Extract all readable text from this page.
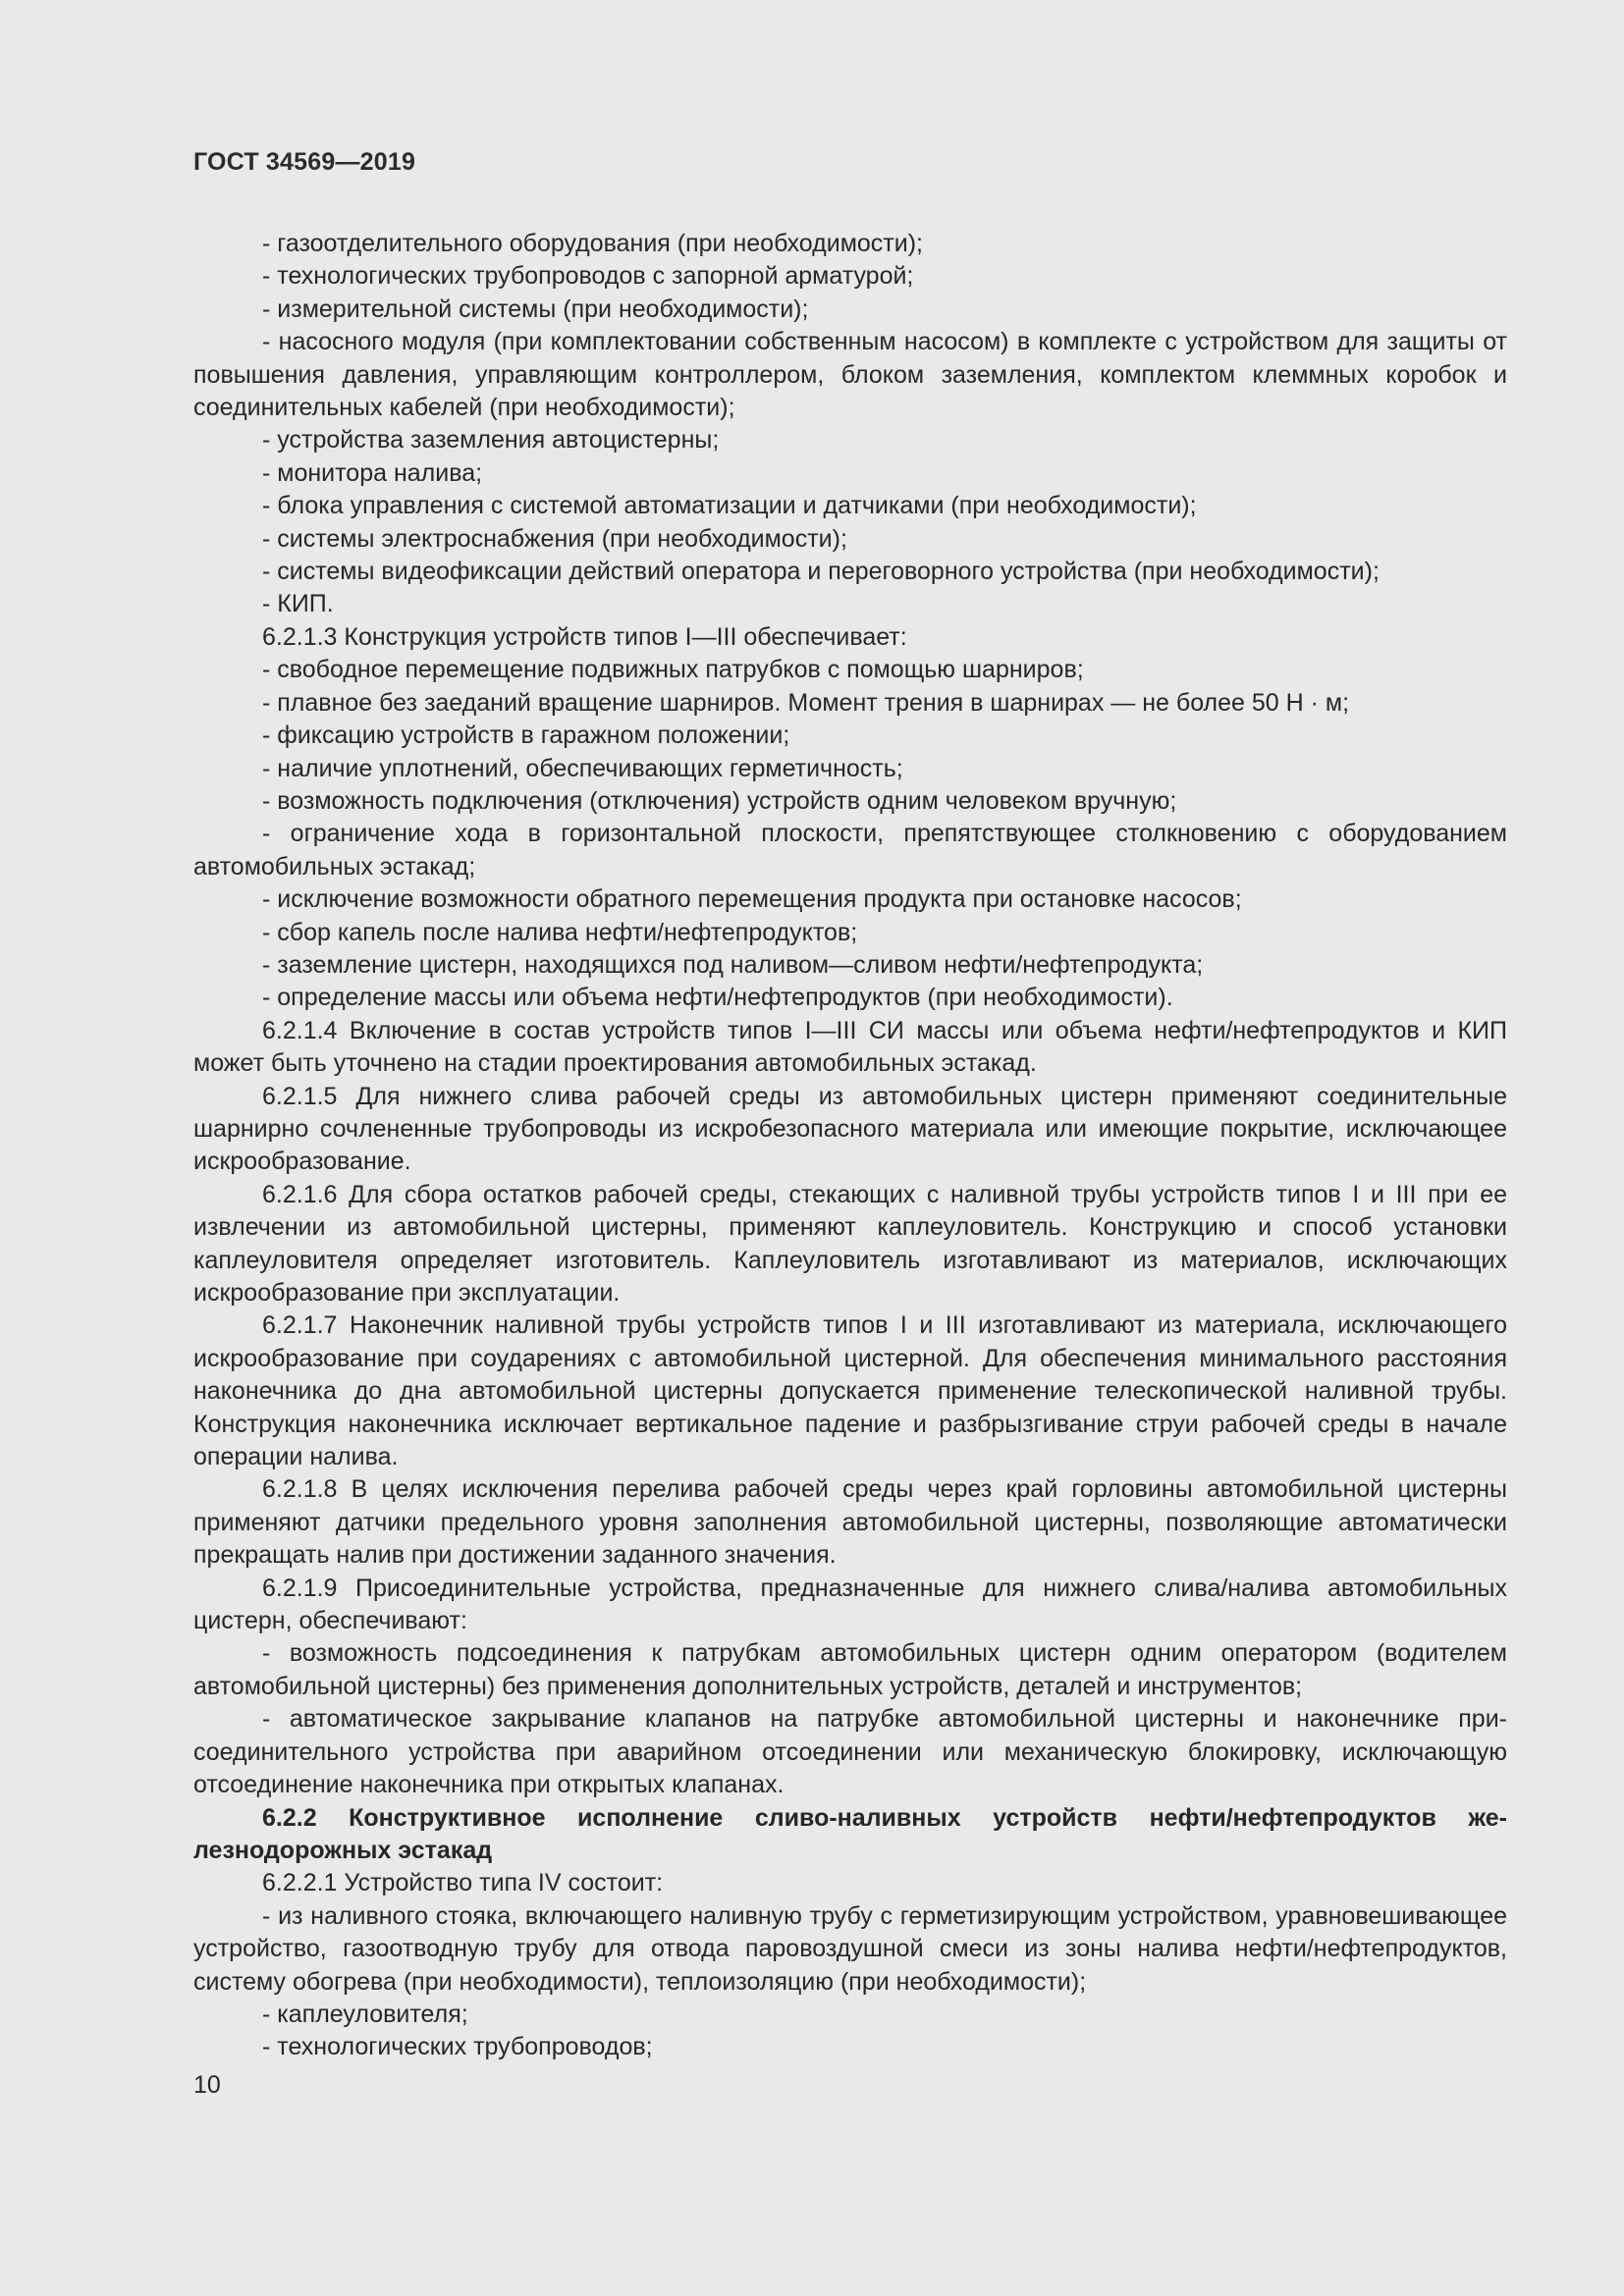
ГОСТ 34569—2019

- газоотделительного оборудования (при необходимости);

- технологических трубопроводов с запорной арматурой;

- измерительной системы (при необходимости);

- насосного модуля (при комплектовании собственным насосом) в комплекте с устройством для защиты от повышения давления, управляющим контроллером, блоком заземления, комплектом клеммных коробок и соединительных кабелей (при необходимости);

- устройства заземления автоцистерны;

- монитора налива;

- блока управления с системой автоматизации и датчиками (при необходимости);

- системы электроснабжения (при необходимости);

- системы видеофиксации действий оператора и переговорного устройства (при необходимости);

- КИП.

6.2.1.3 Конструкция устройств типов I—III обеспечивает:

- свободное перемещение подвижных патрубков с помощью шарниров;

- плавное без заеданий вращение шарниров. Момент трения в шарнирах — не более 50 Н · м;

- фиксацию устройств в гаражном положении;

- наличие уплотнений, обеспечивающих герметичность;

- возможность подключения (отключения) устройств одним человеком вручную;

- ограничение хода в горизонтальной плоскости, препятствующее столкновению с оборудованием автомобильных эстакад;

- исключение возможности обратного перемещения продукта при остановке насосов;

- сбор капель после налива нефти/нефтепродуктов;

- заземление цистерн, находящихся под наливом—сливом нефти/нефтепродукта;

- определение массы или объема нефти/нефтепродуктов (при необходимости).

6.2.1.4 Включение в состав устройств типов I—III СИ массы или объема нефти/нефтепродуктов и КИП может быть уточнено на стадии проектирования автомобильных эстакад.

6.2.1.5 Для нижнего слива рабочей среды из автомобильных цистерн применяют соединительные шарнирно сочлененные трубопроводы из искробезопасного материала или имеющие покрытие, исключающее искрообразование.

6.2.1.6 Для сбора остатков рабочей среды, стекающих с наливной трубы устройств типов I и III при ее извлечении из автомобильной цистерны, применяют каплеуловитель. Конструкцию и способ установки каплеуловителя определяет изготовитель. Каплеуловитель изготавливают из материалов, исключающих искрообразование при эксплуатации.

6.2.1.7 Наконечник наливной трубы устройств типов I и III изготавливают из материала, исключающего искрообразование при соударениях с автомобильной цистерной. Для обеспечения минимального расстояния наконечника до дна автомобильной цистерны допускается применение телескопической наливной трубы. Конструкция наконечника исключает вертикальное падение и разбрызгивание струи рабочей среды в начале операции налива.

6.2.1.8 В целях исключения перелива рабочей среды через край горловины автомобильной цистерны применяют датчики предельного уровня заполнения автомобильной цистерны, позволяющие автоматически прекращать налив при достижении заданного значения.

6.2.1.9 Присоединительные устройства, предназначенные для нижнего слива/налива автомобильных цистерн, обеспечивают:

- возможность подсоединения к патрубкам автомобильных цистерн одним оператором (водителем автомобильной цистерны) без применения дополнительных устройств, деталей и инструментов;

- автоматическое закрывание клапанов на патрубке автомобильной цистерны и наконечнике присоединительного устройства при аварийном отсоединении или механическую блокировку, исключающую отсоединение наконечника при открытых клапанах.

6.2.2 Конструктивное исполнение сливо-наливных устройств нефти/нефтепродуктов железнодорожных эстакад

6.2.2.1 Устройство типа IV состоит:

- из наливного стояка, включающего наливную трубу с герметизирующим устройством, уравновешивающее устройство, газоотводную трубу для отвода паровоздушной смеси из зоны налива нефти/нефтепродуктов, систему обогрева (при необходимости), теплоизоляцию (при необходимости);

- каплеуловителя;

- технологических трубопроводов;

10
